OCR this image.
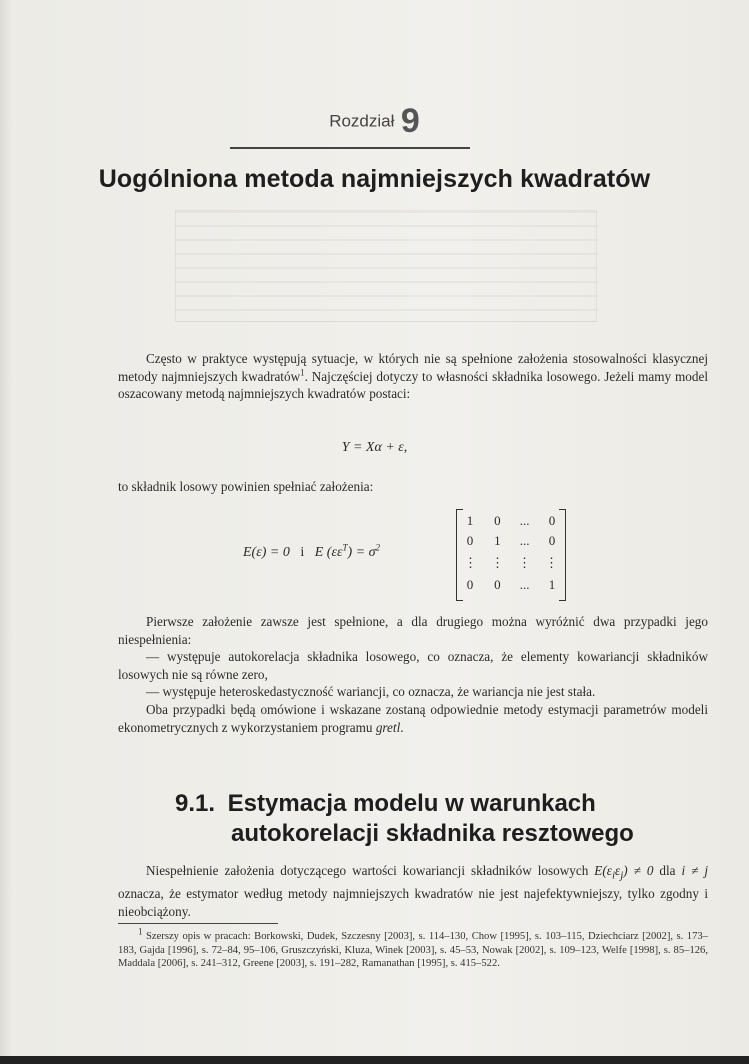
Rozdział 9
Uogólniona metoda najmniejszych kwadratów
Często w praktyce występują sytuacje, w których nie są spełnione założenia stosowalności klasycznej metody najmniejszych kwadratów$^1$. Najczęściej dotyczy to własności składnika losowego. Jeżeli mamy model oszacowany metodą najmniejszych kwadratów postaci:
Y = Xα + ε,
to składnik losowy powinien spełniać założenia:
E(ε) = 0 i E $(\varepsilon\varepsilon^T) = \sigma^2$
1 0 ... 0
0 1 ... 0
⋮ ⋮ ⋮ ⋮
0 0 ... 1

Pierwsze założenie zawsze jest spełnione, a dla drugiego można wyróżnić dwa przypadki jego niespełnienia:

— występuje autokorelacja składnika losowego, co oznacza, że elementy kowariancji składników losowych nie są równe zero,

— występuje heteroskedastyczność wariancji, co oznacza, że wariancja nie jest stała.

Oba przypadki będą omówione i wskazane zostaną odpowiednie metody estymacji parametrów modeli ekonometrycznych z wykorzystaniem programu gretl.

9.1. Estymacja modelu w warunkach
autokorelacji składnika resztowego
Niespełnienie założenia dotyczącego wartości kowariancji składników losowych $E(\varepsilon_i\varepsilon_j) \ne 0$ dla i ≠ j oznacza, że estymator według metody najmniejszych kwadratów nie jest najefektywniejszy, tylko zgodny i nieobciążony.
$^1$ Szerszy opis w pracach: Borkowski, Dudek, Szczesny [2003], s. 114–130, Chow [1995], s. 103–115, Dziechciarz [2002], s. 173–183, Gajda [1996], s. 72–84, 95–106, Gruszczyński, Kluza, Winek [2003], s. 45–53, Nowak [2002], s. 109–123, Welfe [1998], s. 85–126, Maddala [2006], s. 241–312, Greene [2003], s. 191–282, Ramanathan [1995], s. 415–522.
